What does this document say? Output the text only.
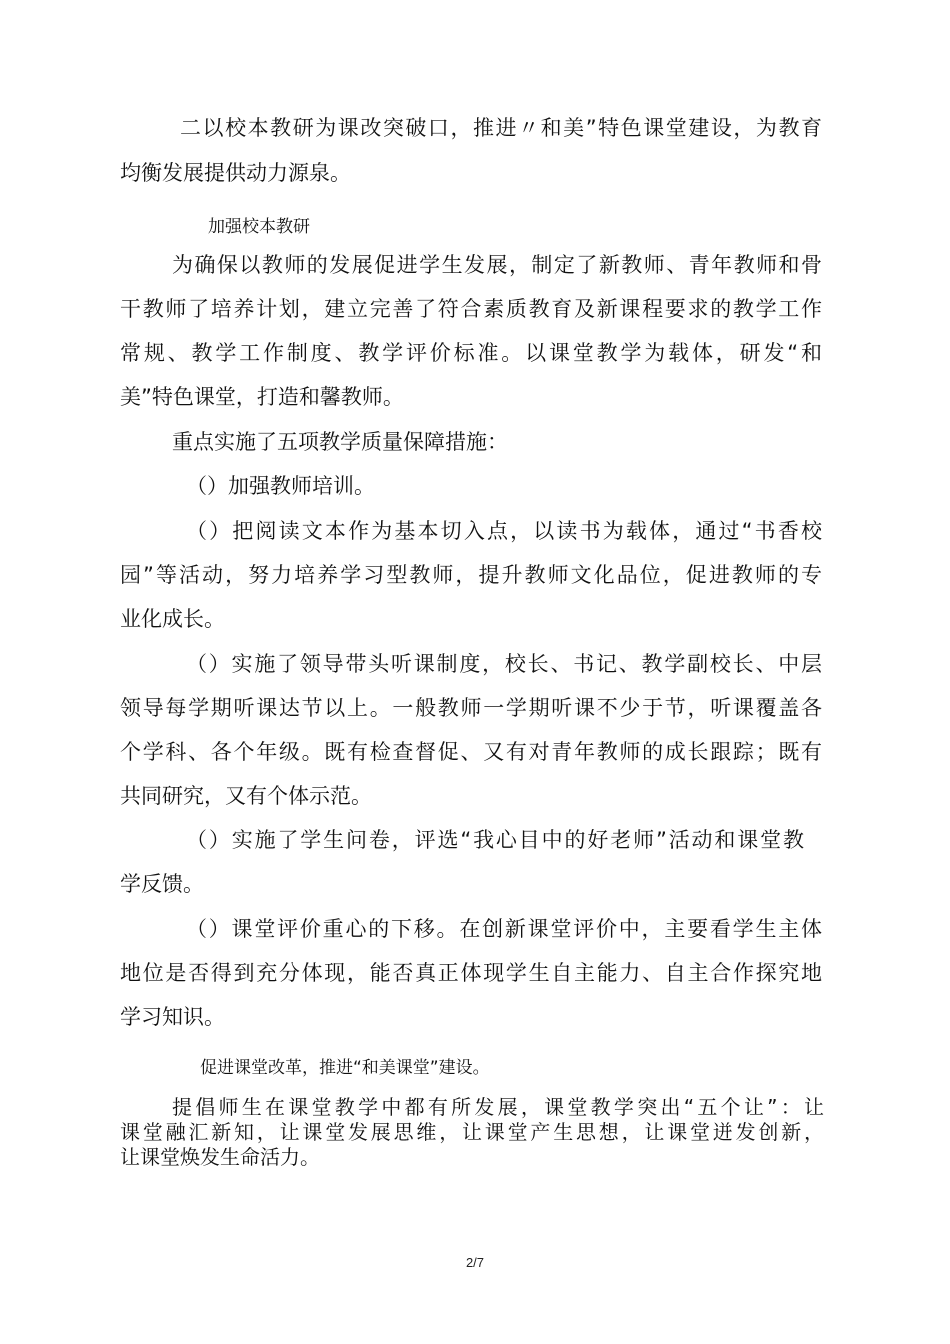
二以校本教研为课改突破口，推进〃和美”特色课堂建设，为教育
均衡发展提供动力源泉。
加强校本教研
为确保以教师的发展促进学生发展，制定了新教师、青年教师和骨
干教师了培养计划，建立完善了符合素质教育及新课程要求的教学工作
常规、教学工作制度、教学评价标准。以课堂教学为载体，研发“和
美”特色课堂，打造和馨教师。
重点实施了五项教学质量保障措施：
（）加强教师培训。
（）把阅读文本作为基本切入点，以读书为载体，通过“书香校
园”等活动，努力培养学习型教师，提升教师文化品位，促进教师的专
业化成长。
（）实施了领导带头听课制度，校长、书记、教学副校长、中层
领导每学期听课达节以上。一般教师一学期听课不少于节，听课覆盖各
个学科、各个年级。既有检查督促、又有对青年教师的成长跟踪；既有
共同研究，又有个体示范。
（）实施了学生问卷，评选“我心目中的好老师”活动和课堂教
学反馈。
（）课堂评价重心的下移。在创新课堂评价中，主要看学生主体
地位是否得到充分体现，能否真正体现学生自主能力、自主合作探究地
学习知识。
促进课堂改革，推进“和美课堂”建设。
提倡师生在课堂教学中都有所发展，课堂教学突出“五个让”：让
课堂融汇新知，让课堂发展思维，让课堂产生思想，让课堂迸发创新，
让课堂焕发生命活力。
2/7
